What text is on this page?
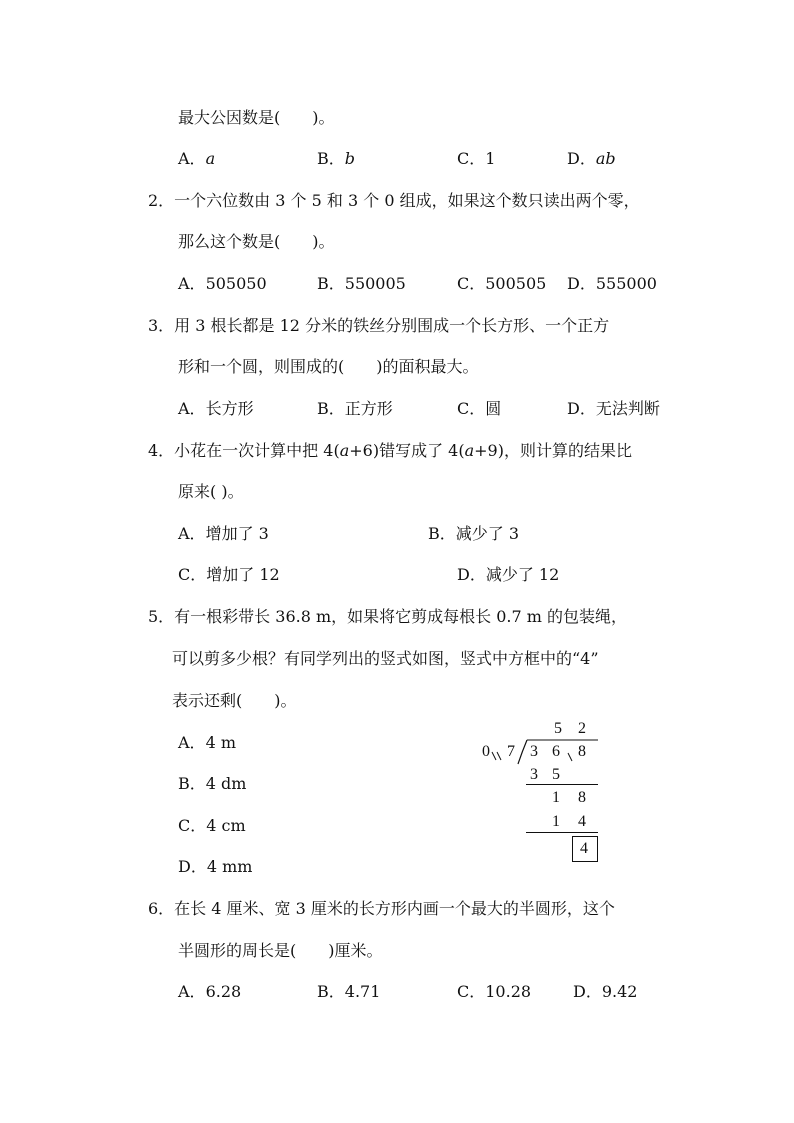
最大公因数是(　　)。
A．a	B．b	C．1	D．ab
2．一个六位数由 3 个 5 和 3 个 0 组成，如果这个数只读出两个零，
那么这个数是(　　)。
A．505050	B．550005	C．500505 D．555000
3．用 3 根长都是 12 分米的铁丝分别围成一个长方形、一个正方
形和一个圆，则围成的(　　)的面积最大。
A．长方形	B．正方形	C．圆	D．无法判断
4．小花在一次计算中把 4(a+6)错写成了 4(a+9)，则计算的结果比
原来( )。
A．增加了 3	B．减少了 3
C．增加了 12	D．减少了 12
5．有一根彩带长 36.8 m，如果将它剪成每根长 0.7 m 的包装绳，
可以剪多少根？有同学列出的竖式如图，竖式中方框中的“4”
表示还剩(　　)。
A．4 m
B．4 dm
C．4 cm
D．4 mm
5 2
0 7 3 6 8
3 5
1 8
1 4
4
6．在长 4 厘米、宽 3 厘米的长方形内画一个最大的半圆形，这个
半圆形的周长是(　　)厘米。
A．6.28	B．4.71	C．10.28	D．9.42
